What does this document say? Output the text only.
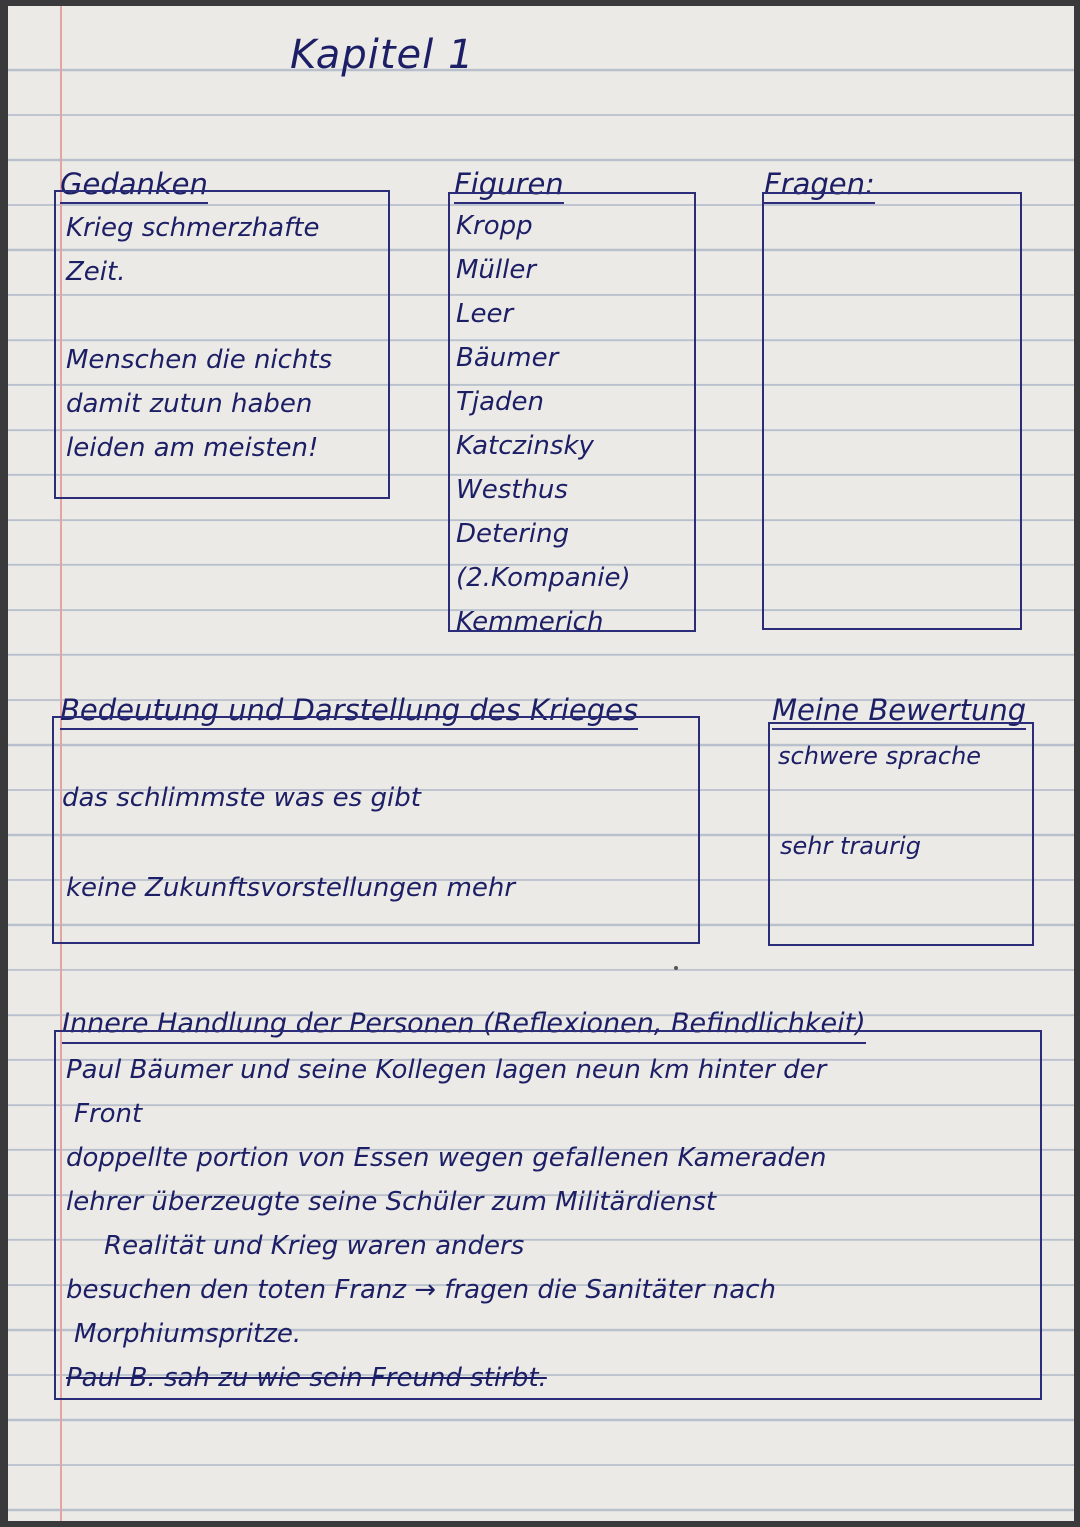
Kapitel 1
Gedanken
Krieg schmerzhafte
Zeit.
Menschen die nichts
damit zutun haben
leiden am meisten!
Figuren
Kropp
Müller
Leer
Bäumer
Tjaden
Katczinsky
Westhus
Detering
(2.Kompanie)
Kemmerich
Fragen:
Bedeutung und Darstellung des Krieges
das schlimmste was es gibt
keine Zukunftsvorstellungen mehr
Meine Bewertung
schwere sprache
sehr traurig
Innere Handlung der Personen (Reflexionen, Befindlichkeit)
Paul Bäumer und seine Kollegen lagen neun km hinter der
Front
doppellte portion von Essen wegen gefallenen Kameraden
lehrer überzeugte seine Schüler zum Militärdienst
Realität und Krieg waren anders
besuchen den toten Franz → fragen die Sanitäter nach
Morphiumspritze.
Paul B. sah zu wie sein Freund stirbt.
